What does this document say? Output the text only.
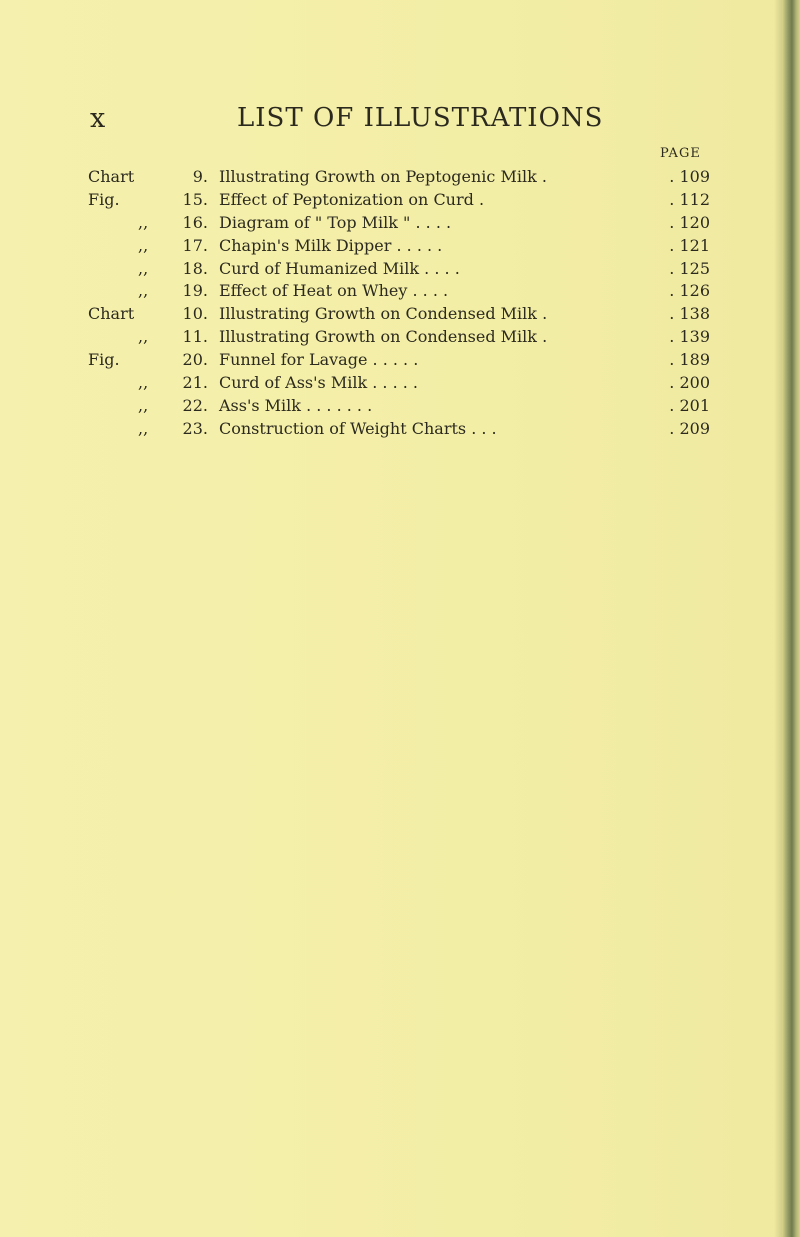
x	LIST OF ILLUSTRATIONS
PAGE
Chart	9. Illustrating Growth on Peptogenic Milk .	. 109
Fig.	15. Effect of Peptonization on Curd .	. 112
,,	16. Diagram of " Top Milk " . . . .	. 120
,,	17. Chapin's Milk Dipper . . . . .	. 121
,,	18. Curd of Humanized Milk . . . .	. 125
,,	19. Effect of Heat on Whey . . . .	. 126
Chart	10. Illustrating Growth on Condensed Milk .	. 138
,,	11. Illustrating Growth on Condensed Milk .	. 139
Fig.	20. Funnel for Lavage . . . . .	. 189
,,	21. Curd of Ass's Milk . . . . .	. 200
,,	22. Ass's Milk . . . . . . .	. 201
,,	23. Construction of Weight Charts . . .	. 209
